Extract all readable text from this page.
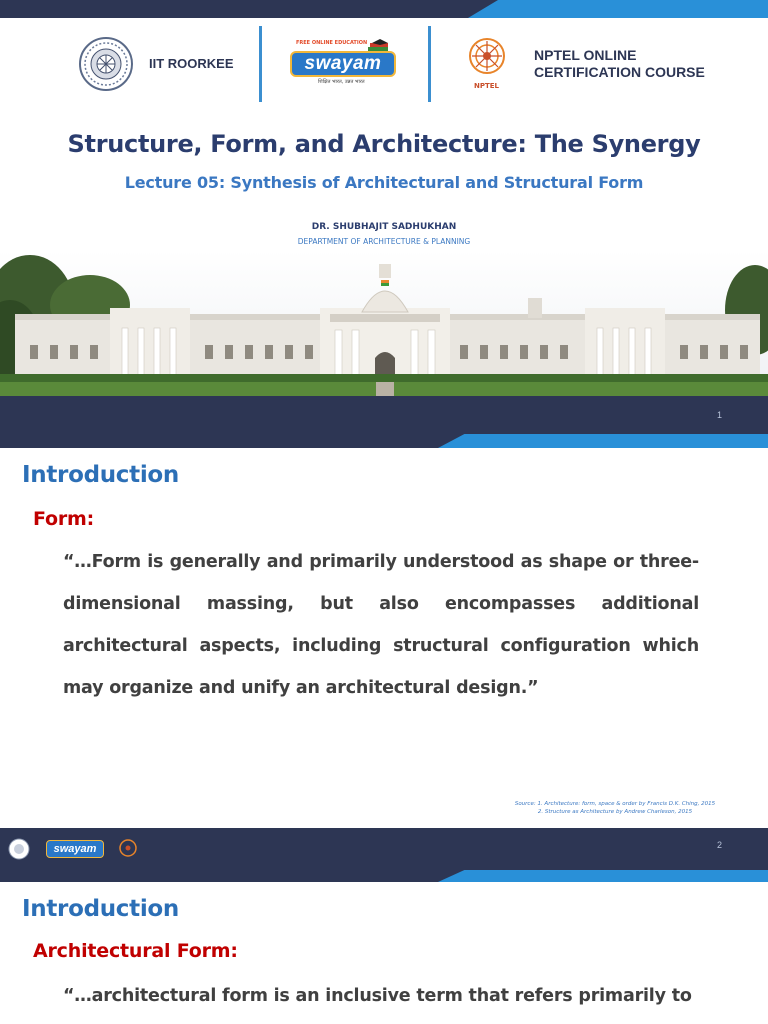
IIT ROORKEE
FREE ONLINE EDUCATION
swayam
शिक्षित भारत, उन्नत भारत	NPTEL
NPTEL ONLINE
CERTIFICATION COURSE
Structure, Form, and Architecture: The Synergy
Lecture 05: Synthesis of Architectural and Structural Form
DR. SHUBHAJIT SADHUKHAN
DEPARTMENT OF ARCHITECTURE & PLANNING
1
Introduction
Form:
“…Form is generally and primarily understood as shape or three-dimensional massing, but also encompasses additional architectural aspects, including structural configuration which may organize and unify an architectural design.”
Source: 1. Architecture: form, space & order by Francis D.K. Ching, 2015
2. Structure as Architecture by Andrew Charleson, 2015
swayam	2
Introduction
Architectural Form:
“…architectural form is an inclusive term that refers primarily to
